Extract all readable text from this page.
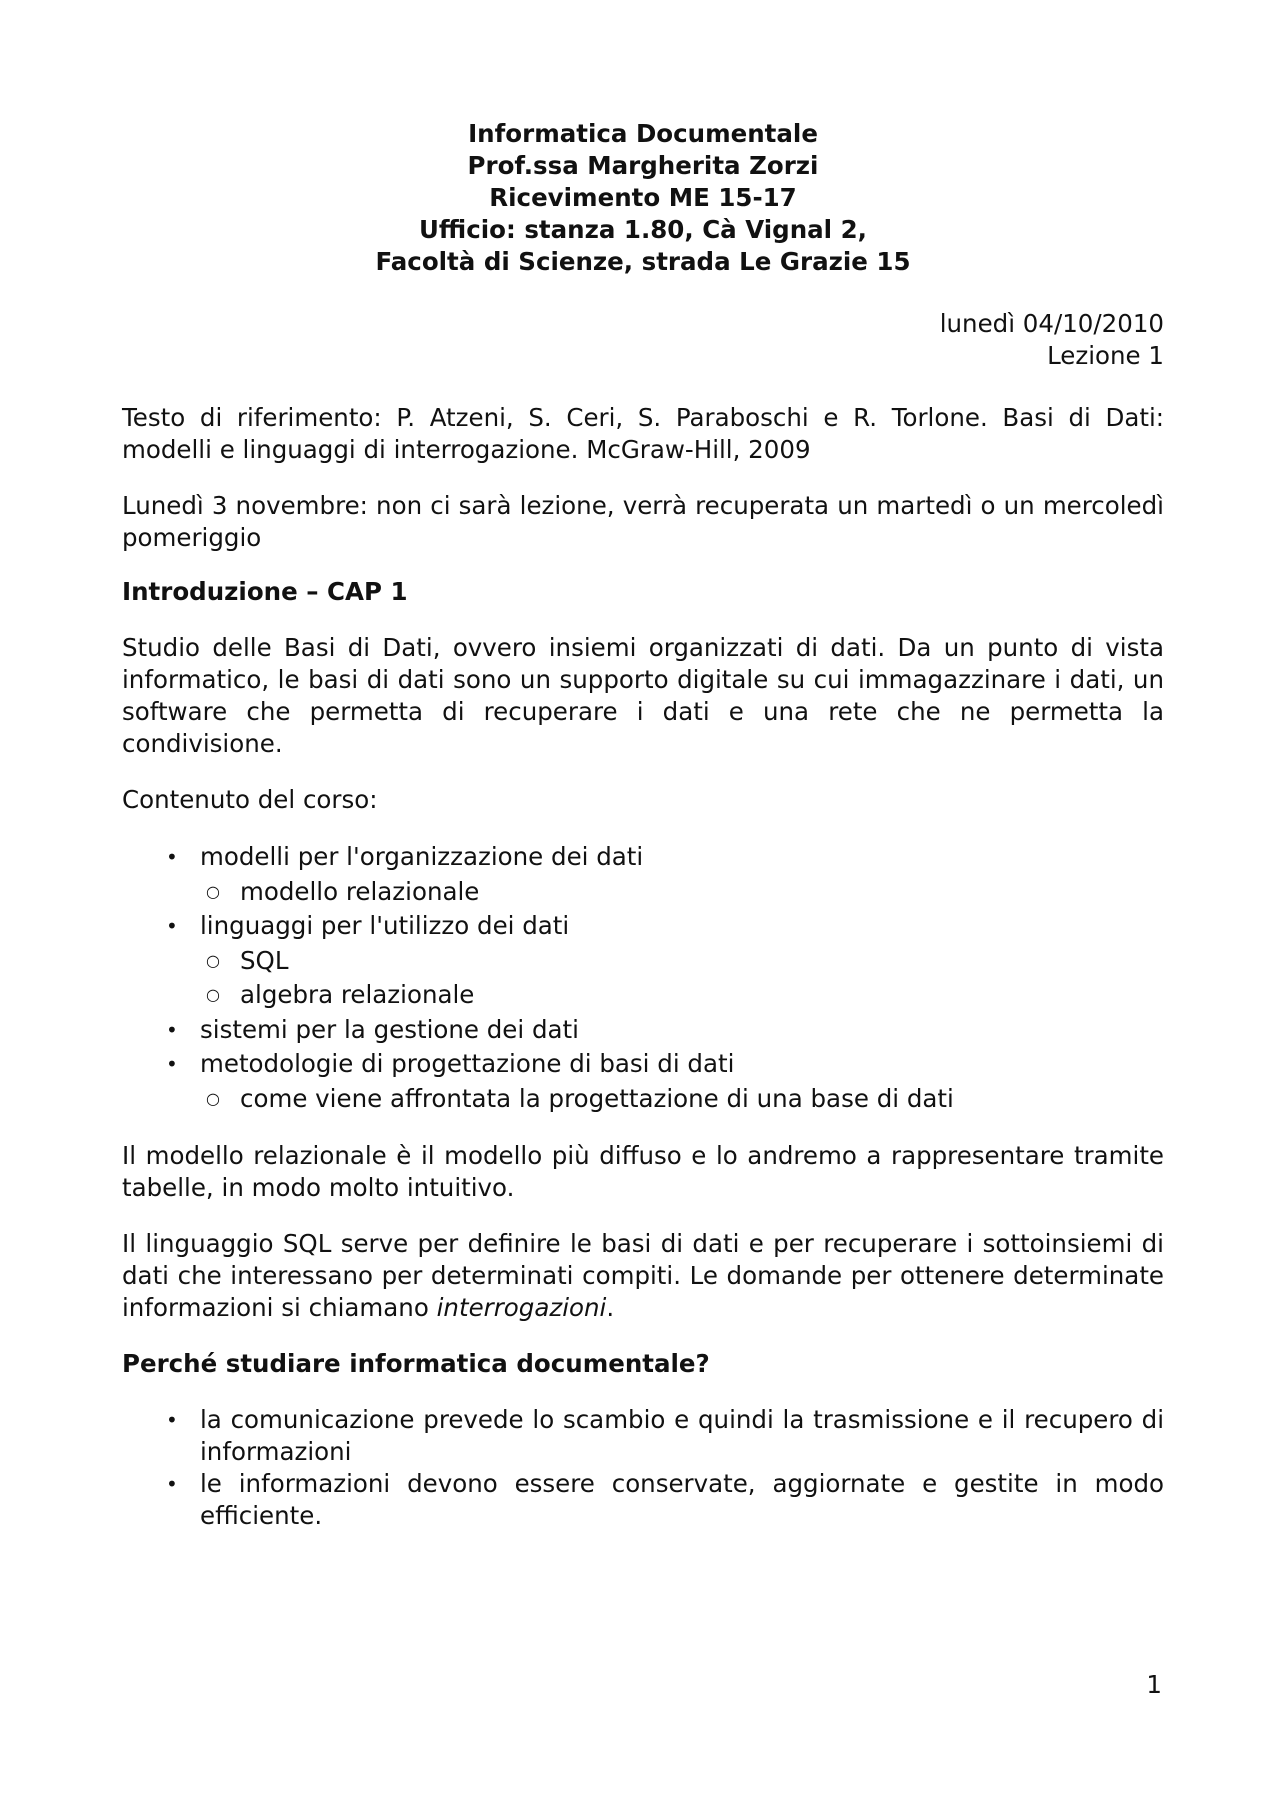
Informatica Documentale
Prof.ssa Margherita Zorzi
Ricevimento ME 15-17
Ufficio: stanza 1.80, Cà Vignal 2,
Facoltà di Scienze, strada Le Grazie 15
lunedì 04/10/2010
Lezione 1

Testo di riferimento: P. Atzeni, S. Ceri, S. Paraboschi e R. Torlone. Basi di Dati: modelli e linguaggi di interrogazione. McGraw-Hill, 2009

Lunedì 3 novembre: non ci sarà lezione, verrà recuperata un martedì o un mercoledì pomeriggio

Introduzione – CAP 1

Studio delle Basi di Dati, ovvero insiemi organizzati di dati. Da un punto di vista informatico, le basi di dati sono un supporto digitale su cui immagazzinare i dati, un software che permetta di recuperare i dati e una rete che ne permetta la condivisione.

Contenuto del corso:

• modelli per l'organizzazione dei dati
○ modello relazionale
• linguaggi per l'utilizzo dei dati
○ SQL
○ algebra relazionale
• sistemi per la gestione dei dati
• metodologie di progettazione di basi di dati
○ come viene affrontata la progettazione di una base di dati

Il modello relazionale è il modello più diffuso e lo andremo a rappresentare tramite tabelle, in modo molto intuitivo.

Il linguaggio SQL serve per definire le basi di dati e per recuperare i sottoinsiemi di dati che interessano per determinati compiti. Le domande per ottenere determinate informazioni si chiamano interrogazioni.

Perché studiare informatica documentale?

• la comunicazione prevede lo scambio e quindi la trasmissione e il recupero di informazioni
• le informazioni devono essere conservate, aggiornate e gestite in modo efficiente.
1
